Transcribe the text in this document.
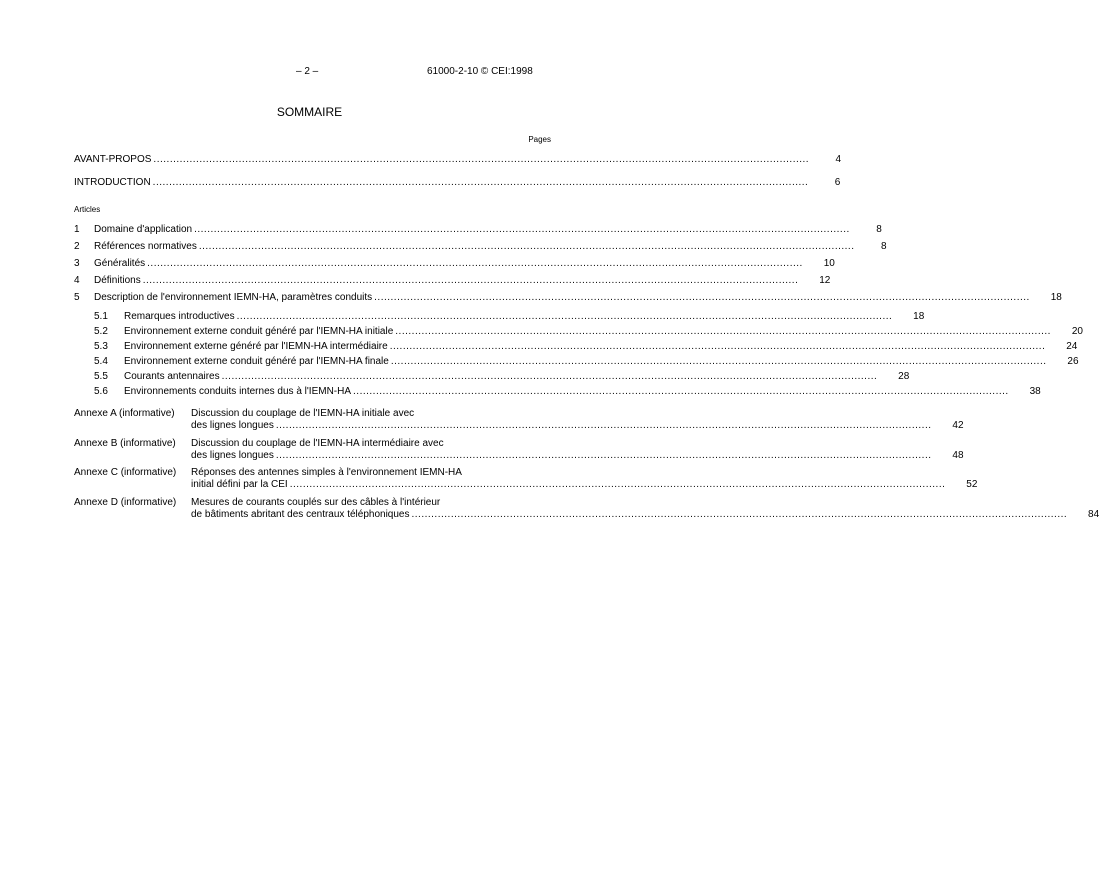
– 2 –	61000-2-10 © CEI:1998
SOMMAIRE
Pages
AVANT-PROPOS ........................................................................................................................................................................................................	4
INTRODUCTION ........................................................................................................................................................................................................	6
Articles
1	Domaine d'application ........................................................................................................................................................................................................	8
2	Références normatives ........................................................................................................................................................................................................	8
3	Généralités ........................................................................................................................................................................................................	10
4	Définitions ........................................................................................................................................................................................................	12
5	Description de l'environnement IEMN-HA, paramètres conduits ........................................................................................................................................................................................................	18
5.1	Remarques introductives ........................................................................................................................................................................................................	18
5.2	Environnement externe conduit généré par l'IEMN-HA initiale ........................................................................................................................................................................................................	20
5.3	Environnement externe généré par l'IEMN-HA intermédiaire ........................................................................................................................................................................................................	24
5.4	Environnement externe conduit généré par l'IEMN-HA finale ........................................................................................................................................................................................................	26
5.5	Courants antennaires ........................................................................................................................................................................................................	28
5.6	Environnements conduits internes dus à l'IEMN-HA ........................................................................................................................................................................................................	38
Annexe A (informative) Discussion du couplage de l'IEMN-HA initiale avec
des lignes longues ........................................................................................................................................................................................................	42
Annexe B (informative) Discussion du couplage de l'IEMN-HA intermédiaire avec
des lignes longues ........................................................................................................................................................................................................	48
Annexe C (informative) Réponses des antennes simples à l'environnement IEMN-HA
initial défini par la CEI ........................................................................................................................................................................................................	52
Annexe D (informative) Mesures de courants couplés sur des câbles à l'intérieur
de bâtiments abritant des centraux téléphoniques ........................................................................................................................................................................................................	84
